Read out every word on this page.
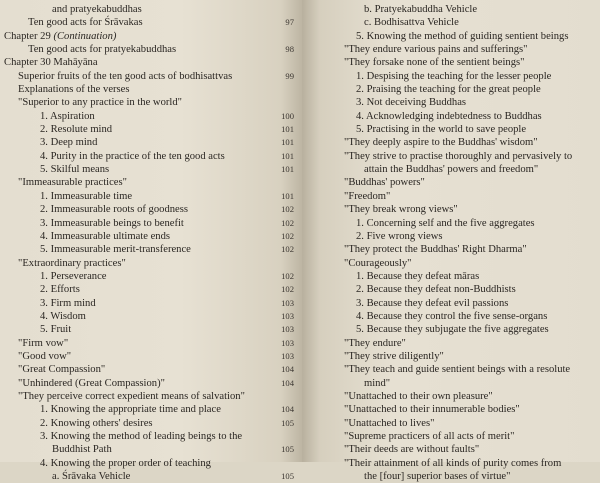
and pratyekabuddhas
Ten good acts for Śrāvakas	97
Chapter 29 (Continuation)
Ten good acts for pratyekabuddhas	98
Chapter 30 Mahāyāna
Superior fruits of the ten good acts of bodhisattvas	99
Explanations of the verses
"Superior to any practice in the world"
1. Aspiration	100
2. Resolute mind	101
3. Deep mind	101
4. Purity in the practice of the ten good acts	101
5. Skilful means	101
"Immeasurable practices"
1. Immeasurable time	101
2. Immeasurable roots of goodness	102
3. Immeasurable beings to benefit	102
4. Immeasurable ultimate ends	102
5. Immeasurable merit-transference	102
"Extraordinary practices"
1. Perseverance	102
2. Efforts	102
3. Firm mind	103
4. Wisdom	103
5. Fruit	103
"Firm vow"	103
"Good vow"	103
"Great Compassion"	104
"Unhindered (Great Compassion)"	104
"They perceive correct expedient means of salvation"
1. Knowing the appropriate time and place	104
2. Knowing others' desires	105
3. Knowing the method of leading beings to the
Buddhist Path	105
4. Knowing the proper order of teaching
a. Śrāvaka Vehicle	105
b. Pratyekabuddha Vehicle
c. Bodhisattva Vehicle
5. Knowing the method of guiding sentient beings
"They endure various pains and sufferings"
"They forsake none of the sentient beings"
1. Despising the teaching for the lesser people
2. Praising the teaching for the great people
3. Not deceiving Buddhas
4. Acknowledging indebtedness to Buddhas
5. Practising in the world to save people
"They deeply aspire to the Buddhas' wisdom"
"They strive to practise thoroughly and pervasively to
attain the Buddhas' powers and freedom"
"Buddhas' powers"
"Freedom"
"They break wrong views"
1. Concerning self and the five aggregates
2. Five wrong views
"They protect the Buddhas' Right Dharma"
"Courageously"
1. Because they defeat māras
2. Because they defeat non-Buddhists
3. Because they defeat evil passions
4. Because they control the five sense-organs
5. Because they subjugate the five aggregates
"They endure"
"They strive diligently"
"They teach and guide sentient beings with a resolute
mind"
"Unattached to their own pleasure"
"Unattached to their innumerable bodies"
"Unattached to lives"
"Supreme practicers of all acts of merit"
"Their deeds are without faults"
"Their attainment of all kinds of purity comes from
the [four] superior bases of virtue"
